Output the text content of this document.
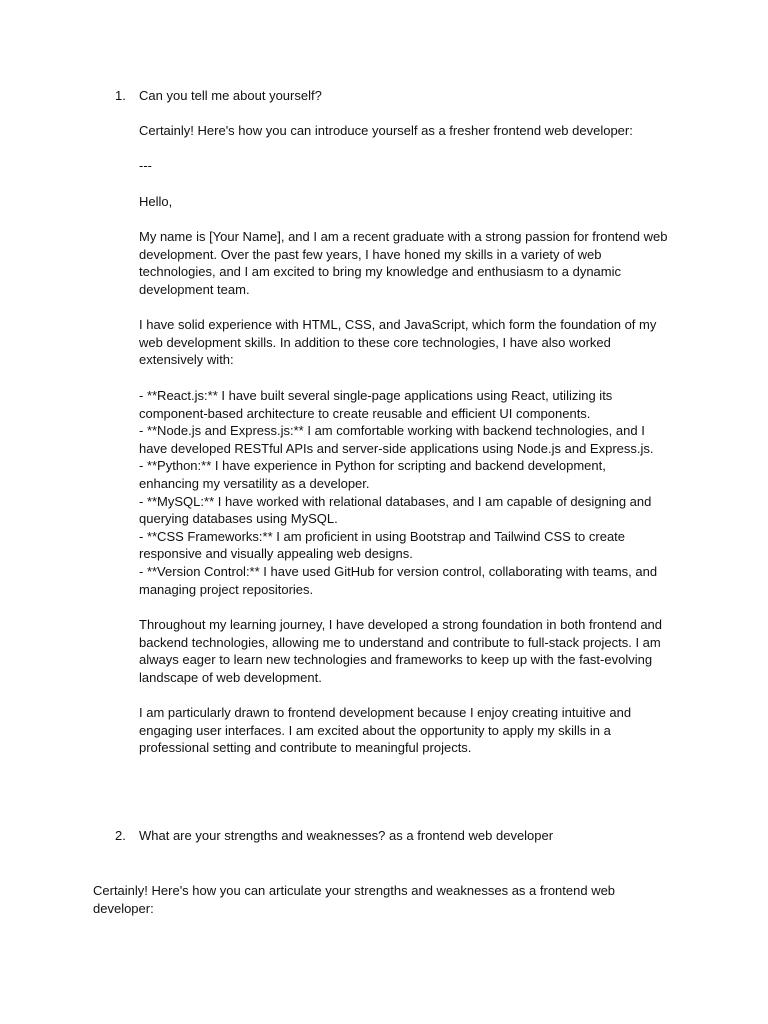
1.	Can you tell me about yourself?
Certainly! Here's how you can introduce yourself as a fresher frontend web developer:
---
Hello,
My name is [Your Name], and I am a recent graduate with a strong passion for frontend web
development. Over the past few years, I have honed my skills in a variety of web
technologies, and I am excited to bring my knowledge and enthusiasm to a dynamic
development team.
I have solid experience with HTML, CSS, and JavaScript, which form the foundation of my
web development skills. In addition to these core technologies, I have also worked
extensively with:
- **React.js:** I have built several single-page applications using React, utilizing its
component-based architecture to create reusable and efficient UI components.
- **Node.js and Express.js:** I am comfortable working with backend technologies, and I
have developed RESTful APIs and server-side applications using Node.js and Express.js.
- **Python:** I have experience in Python for scripting and backend development,
enhancing my versatility as a developer.
- **MySQL:** I have worked with relational databases, and I am capable of designing and
querying databases using MySQL.
- **CSS Frameworks:** I am proficient in using Bootstrap and Tailwind CSS to create
responsive and visually appealing web designs.
- **Version Control:** I have used GitHub for version control, collaborating with teams, and
managing project repositories.
Throughout my learning journey, I have developed a strong foundation in both frontend and
backend technologies, allowing me to understand and contribute to full-stack projects. I am
always eager to learn new technologies and frameworks to keep up with the fast-evolving
landscape of web development.
I am particularly drawn to frontend development because I enjoy creating intuitive and
engaging user interfaces. I am excited about the opportunity to apply my skills in a
professional setting and contribute to meaningful projects.
2.	What are your strengths and weaknesses? as a frontend web developer
Certainly! Here's how you can articulate your strengths and weaknesses as a frontend web
developer:
